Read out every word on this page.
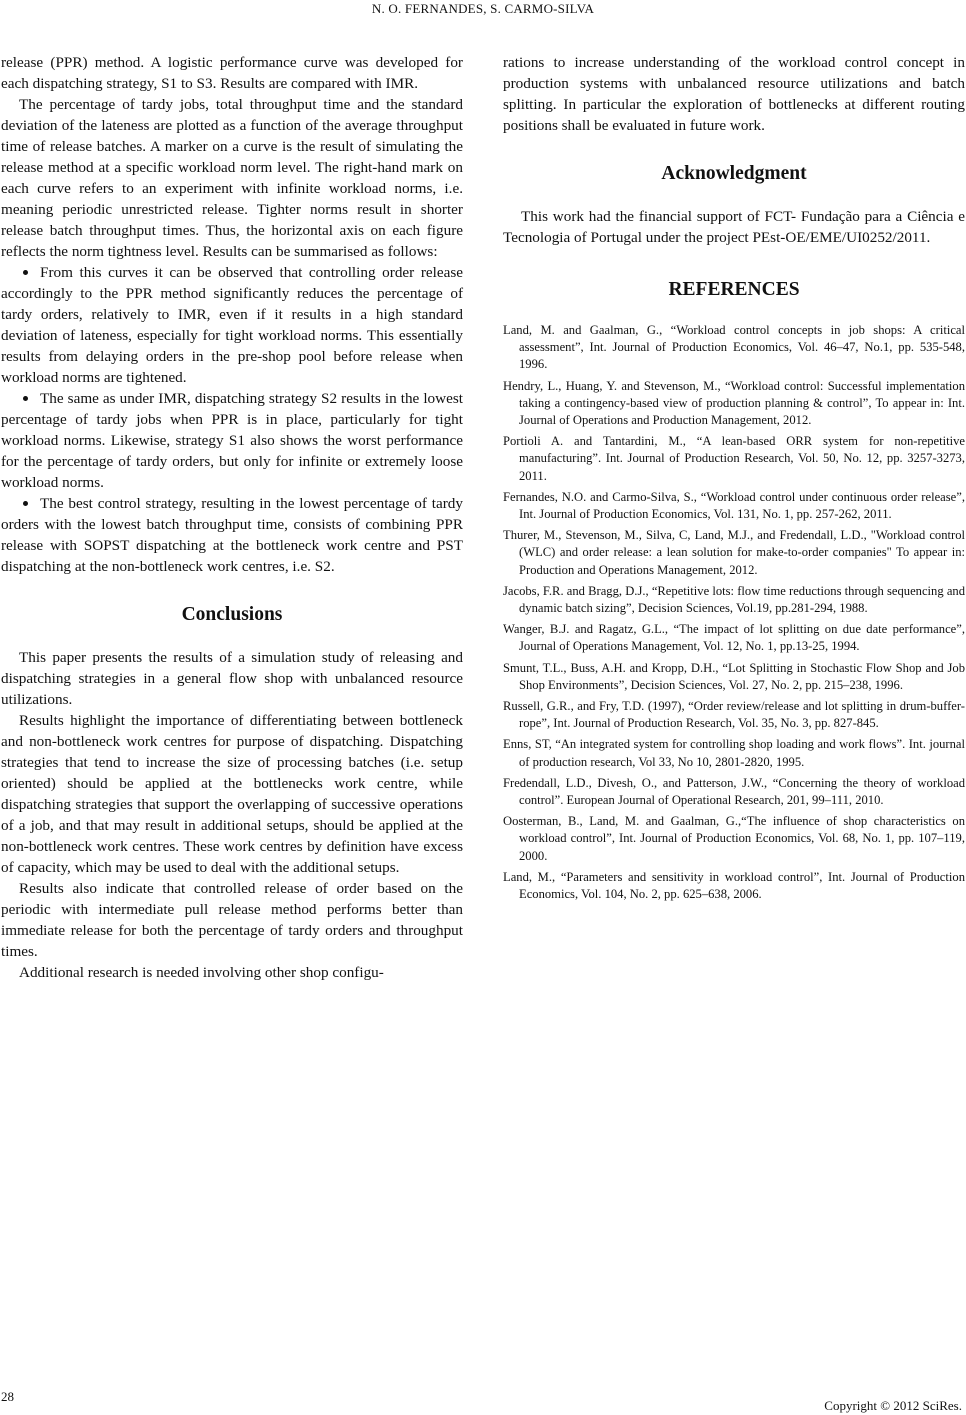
N. O. FERNANDES, S. CARMO-SILVA

release (PPR) method. A logistic performance curve was developed for each dispatching strategy, S1 to S3. Results are compared with IMR.

The percentage of tardy jobs, total throughput time and the standard deviation of the lateness are plotted as a function of the average throughput time of release batches. A marker on a curve is the result of simulating the release method at a specific workload norm level. The right-hand mark on each curve refers to an experiment with infinite workload norms, i.e. meaning periodic unrestricted release. Tighter norms result in shorter release batch throughput times. Thus, the horizontal axis on each figure reflects the norm tightness level. Results can be summarised as follows:

From this curves it can be observed that controlling order release accordingly to the PPR method significantly reduces the percentage of tardy orders, relatively to IMR, even if it results in a high standard deviation of lateness, especially for tight workload norms. This essentially results from delaying orders in the pre-shop pool before release when workload norms are tightened.

The same as under IMR, dispatching strategy S2 results in the lowest percentage of tardy jobs when PPR is in place, particularly for tight workload norms. Likewise, strategy S1 also shows the worst performance for the percentage of tardy orders, but only for infinite or extremely loose workload norms.

The best control strategy, resulting in the lowest percentage of tardy orders with the lowest batch throughput time, consists of combining PPR release with SOPST dispatching at the bottleneck work centre and PST dispatching at the non-bottleneck work centres, i.e. S2.

Conclusions

This paper presents the results of a simulation study of releasing and dispatching strategies in a general flow shop with unbalanced resource utilizations.

Results highlight the importance of differentiating between bottleneck and non-bottleneck work centres for purpose of dispatching. Dispatching strategies that tend to increase the size of processing batches (i.e. setup oriented) should be applied at the bottlenecks work centre, while dispatching strategies that support the overlapping of successive operations of a job, and that may result in additional setups, should be applied at the non-bottleneck work centres. These work centres by definition have excess of capacity, which may be used to deal with the additional setups.

Results also indicate that controlled release of order based on the periodic with intermediate pull release method performs better than immediate release for both the percentage of tardy orders and throughput times.

Additional research is needed involving other shop configu-

rations to increase understanding of the workload control concept in production systems with unbalanced resource utilizations and batch splitting. In particular the exploration of bottlenecks at different routing positions shall be evaluated in future work.

Acknowledgment

This work had the financial support of FCT- Fundação para a Ciência e Tecnologia of Portugal under the project PEst-OE/EME/UI0252/2011.

REFERENCES

Land, M. and Gaalman, G., “Workload control concepts in job shops: A critical assessment”, Int. Journal of Production Economics, Vol. 46–47, No.1, pp. 535-548, 1996.

Hendry, L., Huang, Y. and Stevenson, M., “Workload control: Successful implementation taking a contingency-based view of production planning & control”, To appear in: Int. Journal of Operations and Production Management, 2012.

Portioli A. and Tantardini, M., “A lean-based ORR system for non-repetitive manufacturing”. Int. Journal of Production Research, Vol. 50, No. 12, pp. 3257-3273, 2011.

Fernandes, N.O. and Carmo-Silva, S., “Workload control under continuous order release”, Int. Journal of Production Economics, Vol. 131, No. 1, pp. 257-262, 2011.

Thurer, M., Stevenson, M., Silva, C, Land, M.J., and Fredendall, L.D., "Workload control (WLC) and order release: a lean solution for make-to-order companies" To appear in: Production and Operations Management, 2012.

Jacobs, F.R. and Bragg, D.J., “Repetitive lots: flow time reductions through sequencing and dynamic batch sizing”, Decision Sciences, Vol.19, pp.281-294, 1988.

Wanger, B.J. and Ragatz, G.L., “The impact of lot splitting on due date performance”, Journal of Operations Management, Vol. 12, No. 1, pp.13-25, 1994.

Smunt, T.L., Buss, A.H. and Kropp, D.H., “Lot Splitting in Stochastic Flow Shop and Job Shop Environments”, Decision Sciences, Vol. 27, No. 2, pp. 215–238, 1996.

Russell, G.R., and Fry, T.D. (1997), “Order review/release and lot splitting in drum-buffer-rope”, Int. Journal of Production Research, Vol. 35, No. 3, pp. 827-845.

Enns, ST, “An integrated system for controlling shop loading and work flows”. Int. journal of production research, Vol 33, No 10, 2801-2820, 1995.

Fredendall, L.D., Divesh, O., and Patterson, J.W., “Concerning the theory of workload control”. European Journal of Operational Research, 201, 99–111, 2010.

Oosterman, B., Land, M. and Gaalman, G.,“The influence of shop characteristics on workload control”, Int. Journal of Production Economics, Vol. 68, No. 1, pp. 107–119, 2000.

Land, M., “Parameters and sensitivity in workload control”, Int. Journal of Production Economics, Vol. 104, No. 2, pp. 625–638, 2006.

28
Copyright © 2012 SciRes.
